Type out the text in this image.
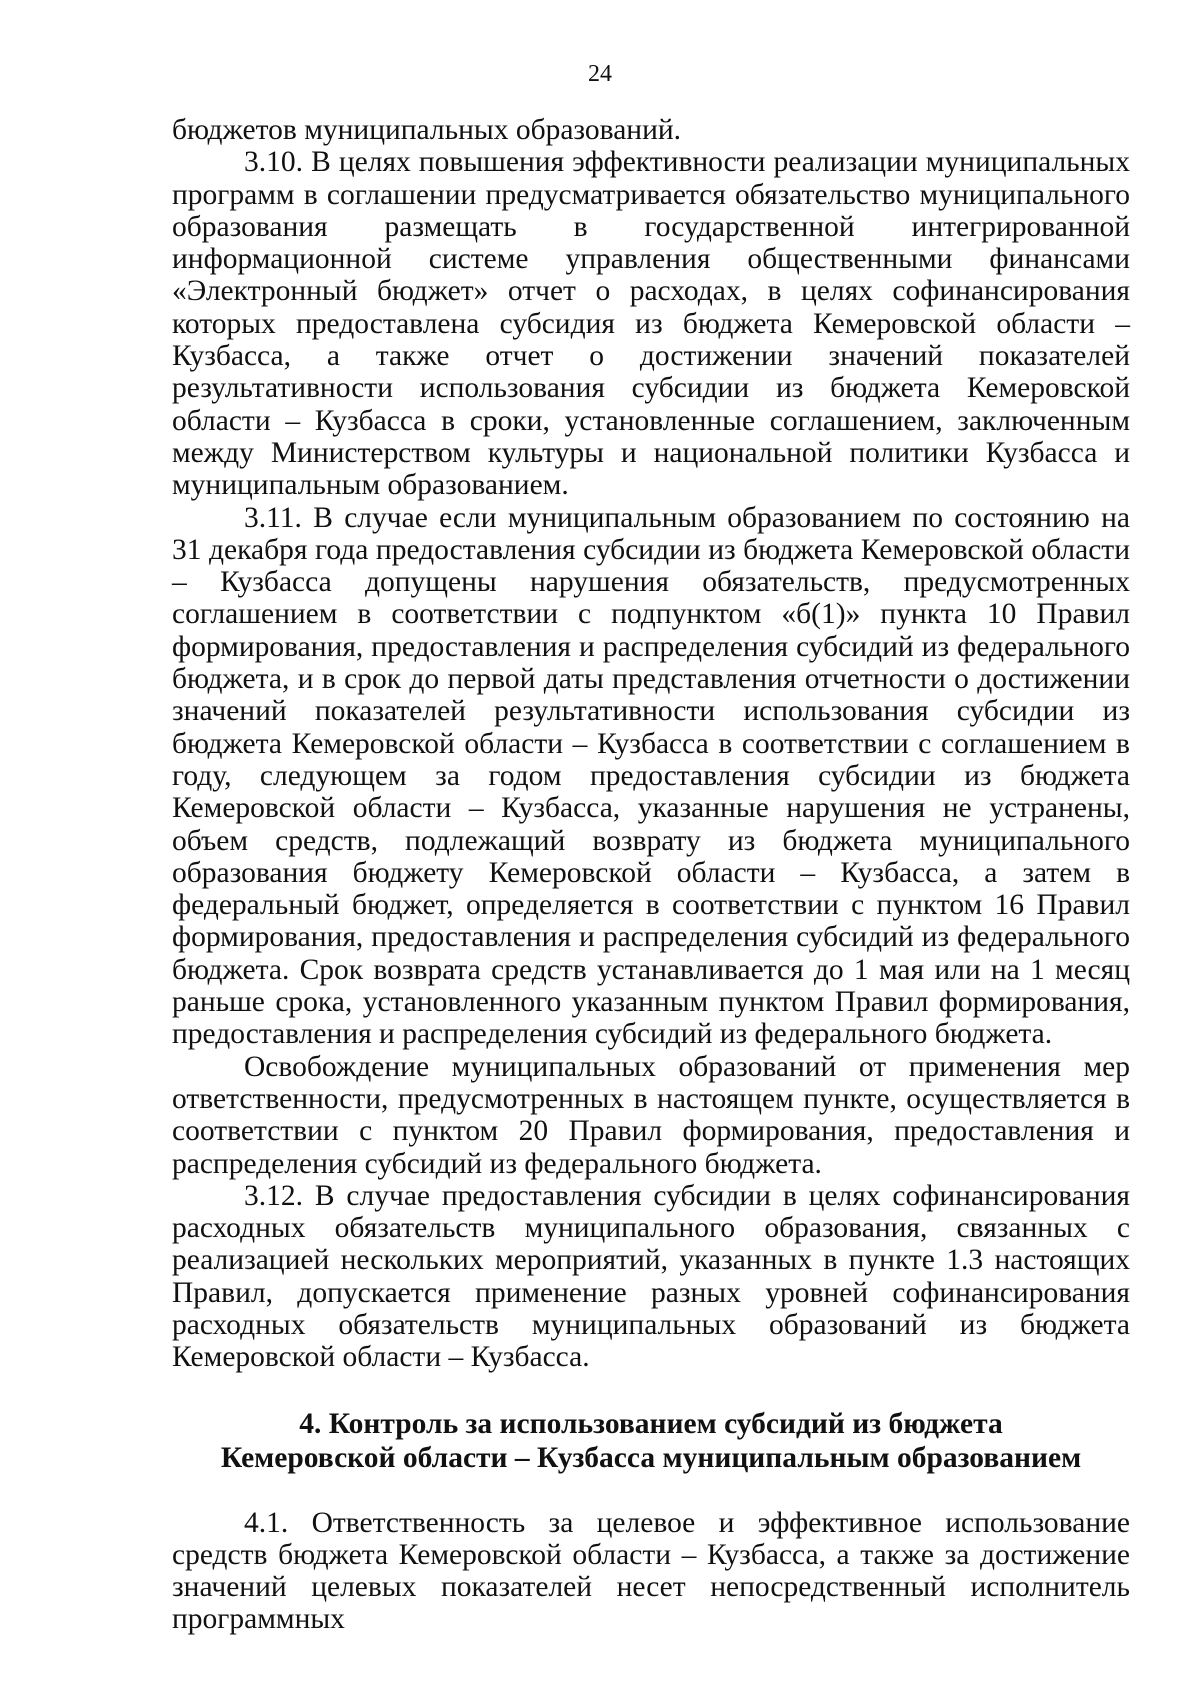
24

бюджетов муниципальных образований.

3.10. В целях повышения эффективности реализации муниципальных программ в соглашении предусматривается обязательство муниципального образования размещать в государственной интегрированной информационной системе управления общественными финансами «Электронный бюджет» отчет о расходах, в целях софинансирования которых предоставлена субсидия из бюджета Кемеровской области – Кузбасса, а также отчет о достижении значений показателей результативности использования субсидии из бюджета Кемеровской области – Кузбасса в сроки, установленные соглашением, заключенным между Министерством культуры и национальной политики Кузбасса и муниципальным образованием.

3.11. В случае если муниципальным образованием по состоянию на 31 декабря года предоставления субсидии из бюджета Кемеровской области – Кузбасса допущены нарушения обязательств, предусмотренных соглашением в соответствии с подпунктом «б(1)» пункта 10 Правил формирования, предоставления и распределения субсидий из федерального бюджета, и в срок до первой даты представления отчетности о достижении значений показателей результативности использования субсидии из бюджета Кемеровской области – Кузбасса в соответствии с соглашением в году, следующем за годом предоставления субсидии из бюджета Кемеровской области – Кузбасса, указанные нарушения не устранены, объем средств, подлежащий возврату из бюджета муниципального образования бюджету Кемеровской области – Кузбасса, а затем в федеральный бюджет, определяется в соответствии с пунктом 16 Правил формирования, предоставления и распределения субсидий из федерального бюджета. Срок возврата средств устанавливается до 1 мая или на 1 месяц раньше срока, установленного указанным пунктом Правил формирования, предоставления и распределения субсидий из федерального бюджета.

Освобождение муниципальных образований от применения мер ответственности, предусмотренных в настоящем пункте, осуществляется в соответствии с пунктом 20 Правил формирования, предоставления и распределения субсидий из федерального бюджета.

3.12. В случае предоставления субсидии в целях софинансирования расходных обязательств муниципального образования, связанных с реализацией нескольких мероприятий, указанных в пункте 1.3 настоящих Правил, допускается применение разных уровней софинансирования расходных обязательств муниципальных образований из бюджета Кемеровской области – Кузбасса.

4. Контроль за использованием субсидий из бюджета
Кемеровской области – Кузбасса муниципальным образованием

4.1. Ответственность за целевое и эффективное использование средств бюджета Кемеровской области – Кузбасса, а также за достижение значений целевых показателей несет непосредственный исполнитель программных
